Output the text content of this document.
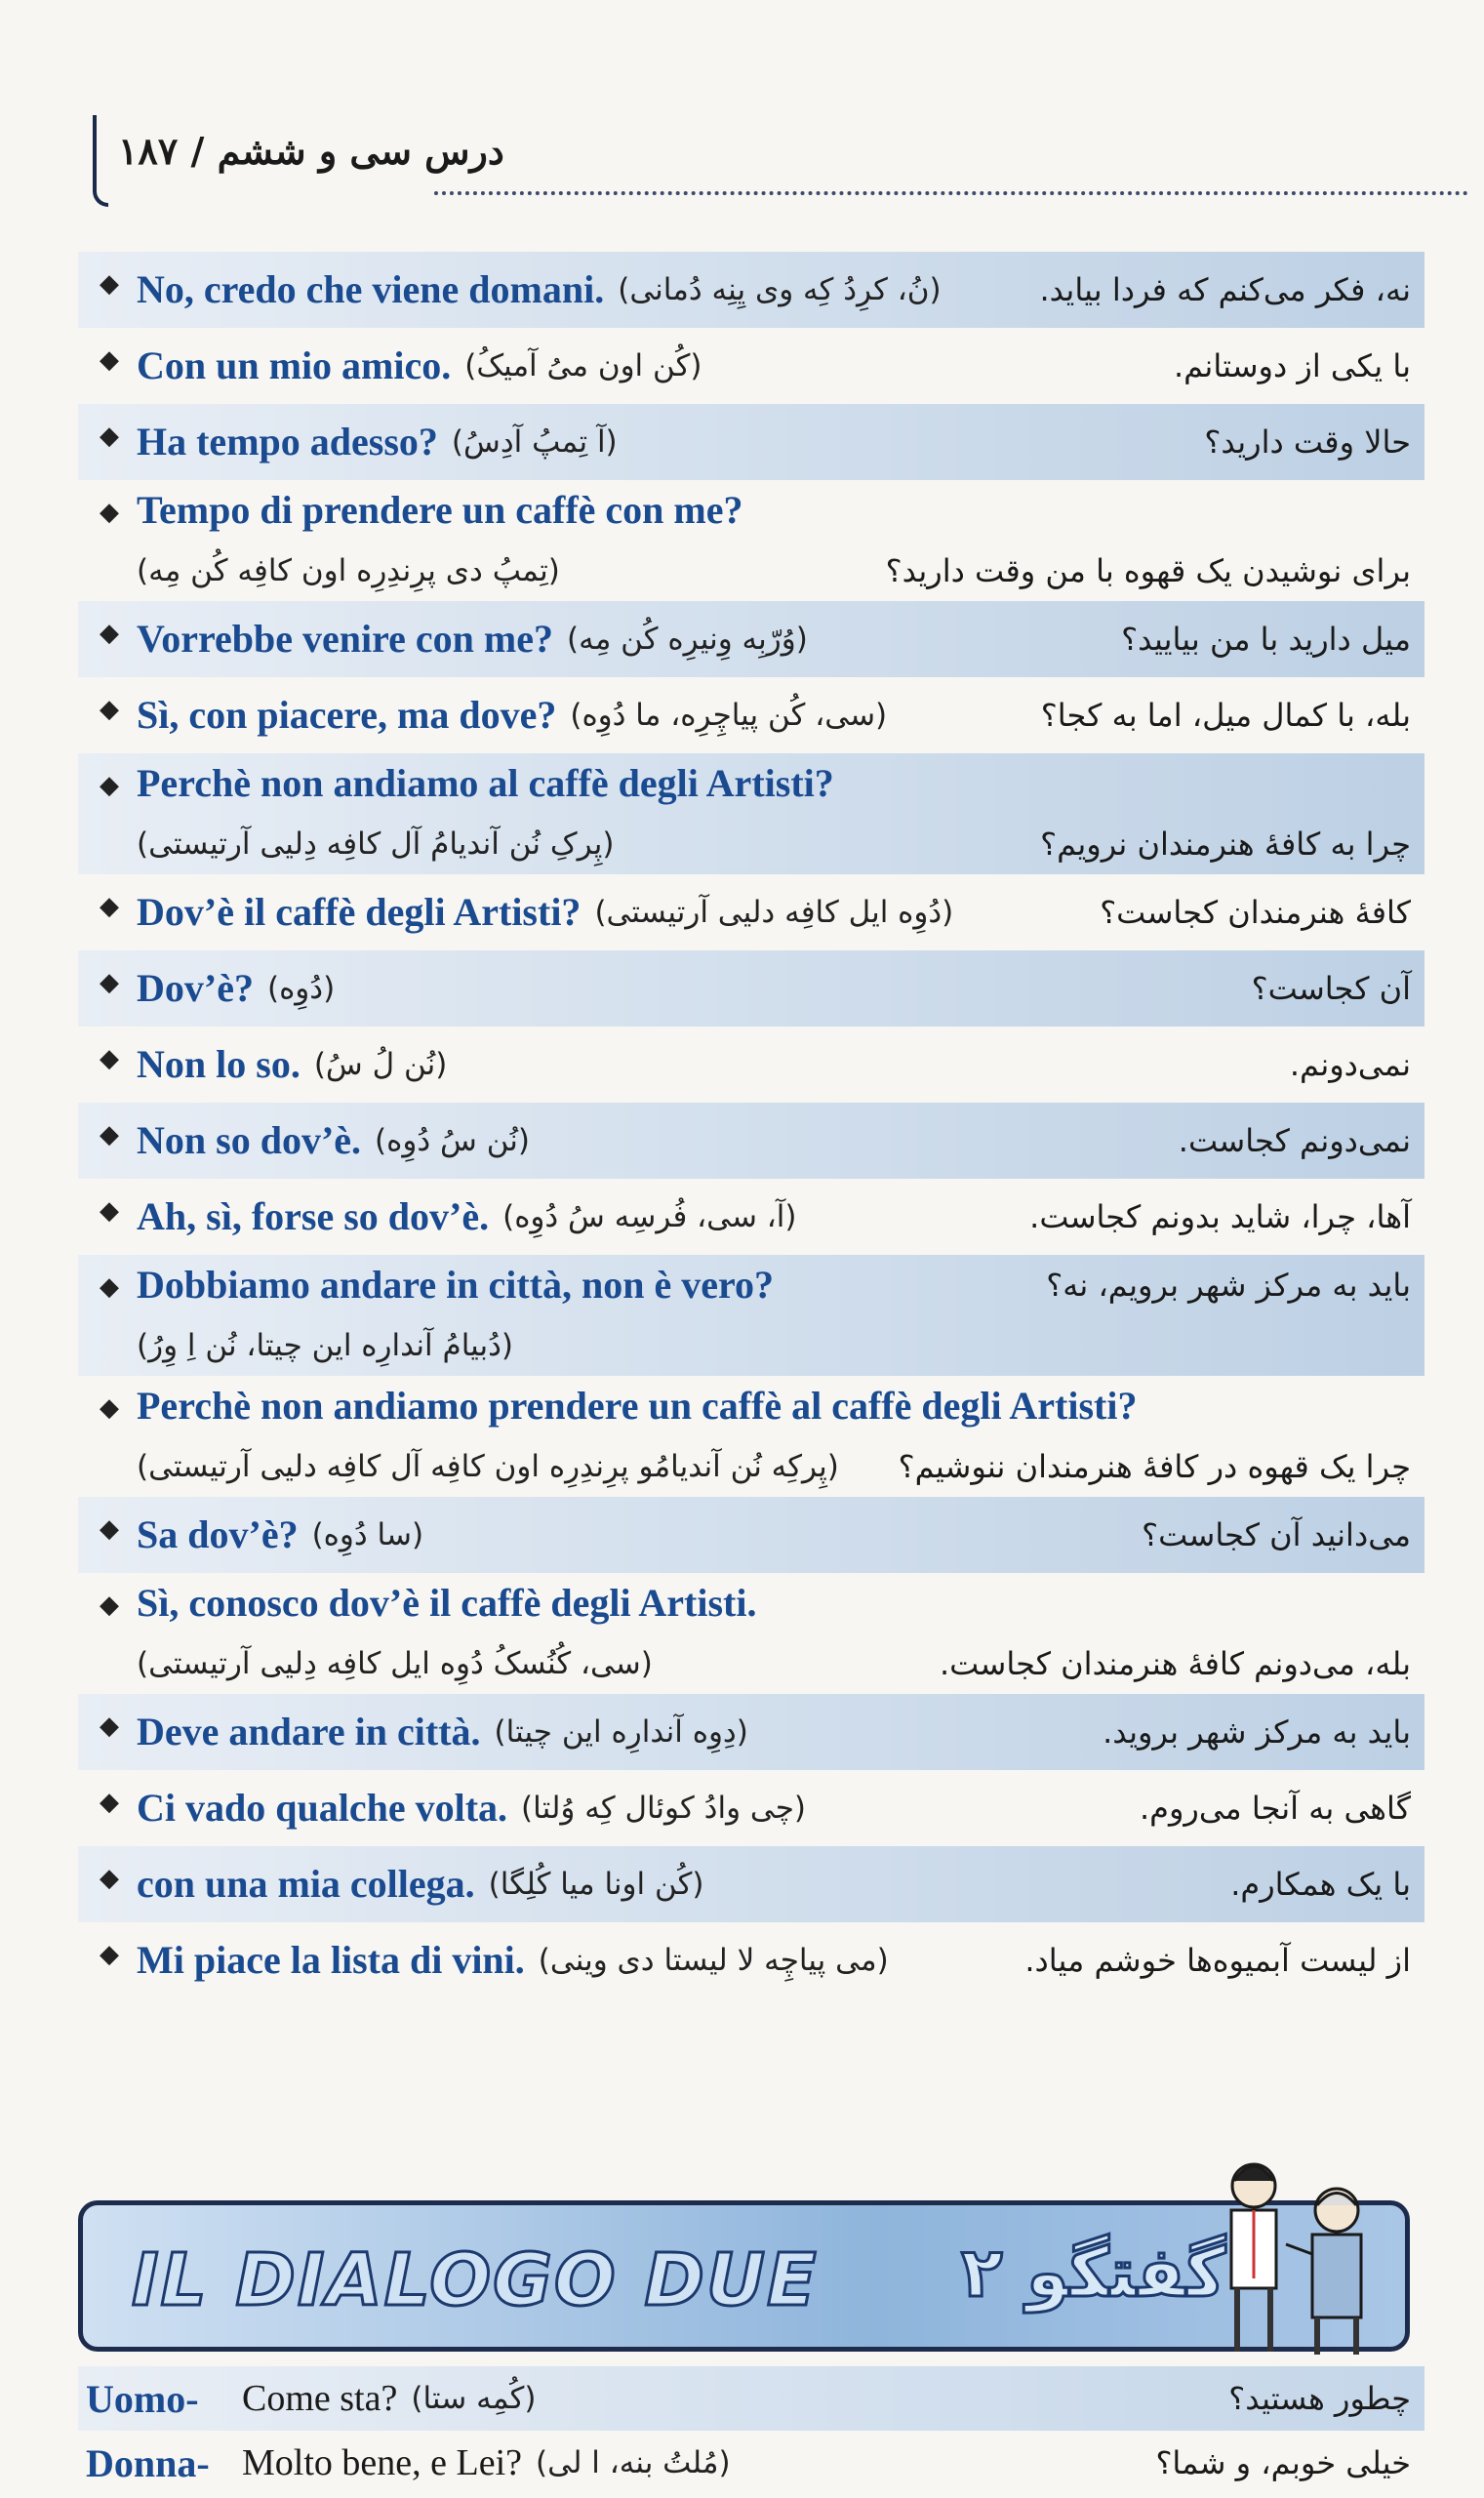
درس سی و ششم / ۱۸۷
◆ No, credo che viene domani. (نُ، کرِدُ کِه وی یِنِه دُمانی)	نه، فکر می‌کنم که فردا بیاید.
◆ Con un mio amico. (کُن اون میُ آمیکُ)	با یکی از دوستانم.
◆ Ha tempo adesso? (آ تِمپُ آدِسُ)	حالا وقت دارید؟
◆ Tempo di prendere un caffè con me?
(تِمپُ دی پرِندِرِه اون کافِه کُن مِه)	برای نوشیدن یک قهوه با من وقت دارید؟
◆ Vorrebbe venire con me? (وُرّبِه وِنیرِه کُن مِه)	میل دارید با من بیایید؟
◆ Sì, con piacere, ma dove? (سی، کُن پیاچِرِه، ما دُوِه)	بله، با کمال میل، اما به کجا؟
◆ Perchè non andiamo al caffè degli Artisti?
(پِرکِ نُن آندیامُ آل کافِه دِلیی آرتیستی)	چرا به کافهٔ هنرمندان نرویم؟
◆ Dov’è il caffè degli Artisti? (دُوِه ایل کافِه دلیی آرتیستی)	کافهٔ هنرمندان کجاست؟
◆ Dov’è? (دُوِه)	آن کجاست؟
◆ Non lo so. (نُن لُ سُ)	نمی‌دونم.
◆ Non so dov’è. (نُن سُ دُوِه)	نمی‌دونم کجاست.
◆ Ah, sì, forse so dov’è. (آ، سی، فُرسِه سُ دُوِه)	آها، چرا، شاید بدونم کجاست.
◆ Dobbiamo andare in città, non è vero?	باید به مرکز شهر برویم، نه؟
(دُبیامُ آندارِه این چیتا، نُن اِ وِرُ)
◆ Perchè non andiamo prendere un caffè al caffè degli Artisti?
(پِرکِه نُن آندیامُو پرِندِرِه اون کافِه آل کافِه دلیی آرتیستی) چرا یک قهوه در کافهٔ هنرمندان ننوشیم؟
◆ Sa dov’è? (سا دُوِه)	می‌دانید آن کجاست؟
◆ Sì, conosco dov’è il caffè degli Artisti.
(سی، کُنُسکُ دُوِه ایل کافِه دِلیی آرتیستی)	بله، می‌دونم کافهٔ هنرمندان کجاست.
◆ Deve andare in città. (دِوِه آندارِه این چیتا)	باید به مرکز شهر بروید.
◆ Ci vado qualche volta. (چی وادُ کوئال کِه وُلتا)	گاهی به آنجا می‌روم.
◆ con una mia collega. (کُن اونا میا کُلِگا)	با یک همکارم.
◆ Mi piace la lista di vini. (می پیاچِه لا لیستا دی وینی)	از لیست آبمیوه‌ها خوشم میاد.
IL DIALOGO DUE گفتگو ۲
Uomo-	Come sta? (کُمِه ستا)	چطور هستید؟
Donna- Molto bene, e Lei? (مُلتُ بنه، ا لی)	خیلی خوبم، و شما؟
